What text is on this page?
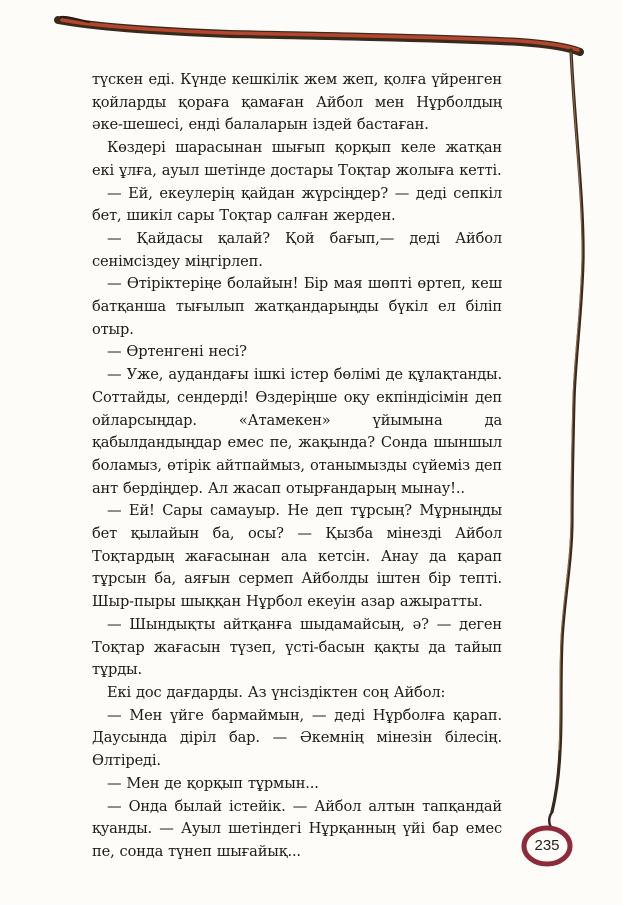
түскен еді. Күнде кешкілік жем жеп, қолға үйренген қойларды қораға қамаған Айбол мен Нұрболдың әке-шешесі, енді балаларын іздей бастаған.

Көздері шарасынан шығып қорқып келе жатқан екі ұлға, ауыл шетінде достары Тоқтар жолыға кетті.

— Ей, екеулерің қайдан жүрсіңдер? — деді сепкіл бет, шикіл сары Тоқтар салған жерден.

— Қайдасы қалай? Қой бағып,— деді Айбол сенімсіздеу міңгірлеп.

— Өтіріктеріңе болайын! Бір мая шөпті өртеп, кеш батқанша тығылып жатқандарыңды бүкіл ел біліп отыр.

— Өртенгені несі?

— Уже, аудандағы ішкі істер бөлімі де құлақтанды. Соттайды, сендерді! Өздеріңше оқу екпіндісімін деп ойларсыңдар. «Атамекен» үйымына да қабылдандыңдар емес пе, жақында? Сонда шыншыл боламыз, өтірік айтпаймыз, отанымызды сүйеміз деп ант бердіңдер. Ал жасап отырғандарың мынау!..

— Ей! Сары самауыр. Не деп тұрсың? Мұрныңды бет қылайын ба, осы? — Қызба мінезді Айбол Тоқтардың жағасынан ала кетсін. Анау да қарап тұрсын ба, аяғын сермеп Айболды іштен бір тепті. Шыр-пыры шыққан Нұрбол екеуін азар ажыратты.

— Шындықты айтқанға шыдамайсың, ә? — деген Тоқтар жағасын түзеп, үсті-басын қақты да тайып тұрды.

Екі дос дағдарды. Аз үнсіздіктен соң Айбол:

— Мен үйге бармаймын, — деді Нұрболға қарап. Даусында діріл бар. — Әкемнің мінезін білесің. Өлтіреді.

— Мен де қорқып тұрмын...

— Онда былай істейік. — Айбол алтын тапқандай қуанды. — Ауыл шетіндегі Нұрқанның үйі бар емес пе, сонда түнеп шығайық...	235
